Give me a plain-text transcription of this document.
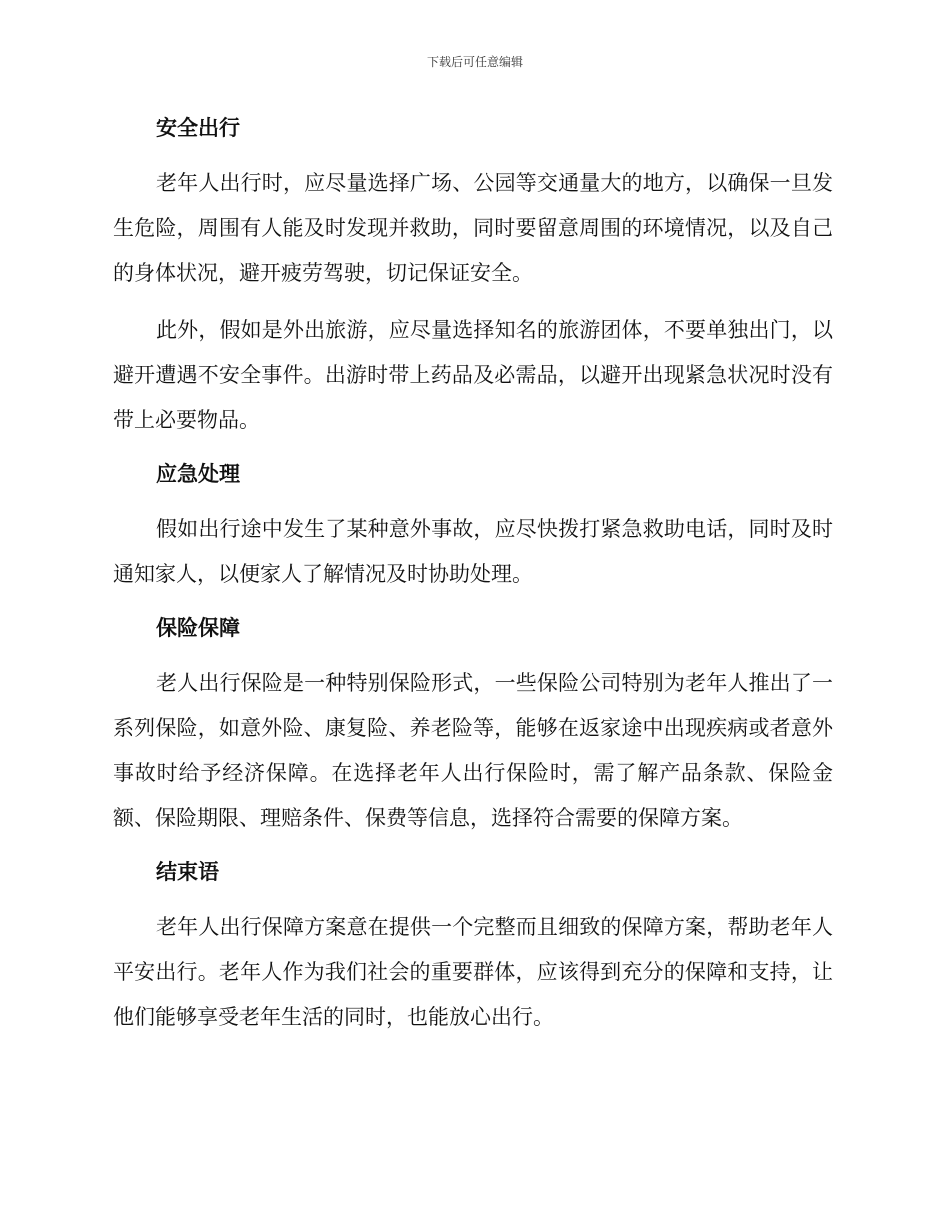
下载后可任意编辑
安全出行

老年人出行时，应尽量选择广场、公园等交通量大的地方，以确保一旦发生危险，周围有人能及时发现并救助，同时要留意周围的环境情况，以及自己的身体状况，避开疲劳驾驶，切记保证安全。

此外，假如是外出旅游，应尽量选择知名的旅游团体，不要单独出门，以避开遭遇不安全事件。出游时带上药品及必需品，以避开出现紧急状况时没有带上必要物品。

应急处理

假如出行途中发生了某种意外事故，应尽快拨打紧急救助电话，同时及时通知家人，以便家人了解情况及时协助处理。

保险保障

老人出行保险是一种特别保险形式，一些保险公司特别为老年人推出了一系列保险，如意外险、康复险、养老险等，能够在返家途中出现疾病或者意外事故时给予经济保障。在选择老年人出行保险时，需了解产品条款、保险金额、保险期限、理赔条件、保费等信息，选择符合需要的保障方案。

结束语

老年人出行保障方案意在提供一个完整而且细致的保障方案，帮助老年人平安出行。老年人作为我们社会的重要群体，应该得到充分的保障和支持，让他们能够享受老年生活的同时，也能放心出行。
